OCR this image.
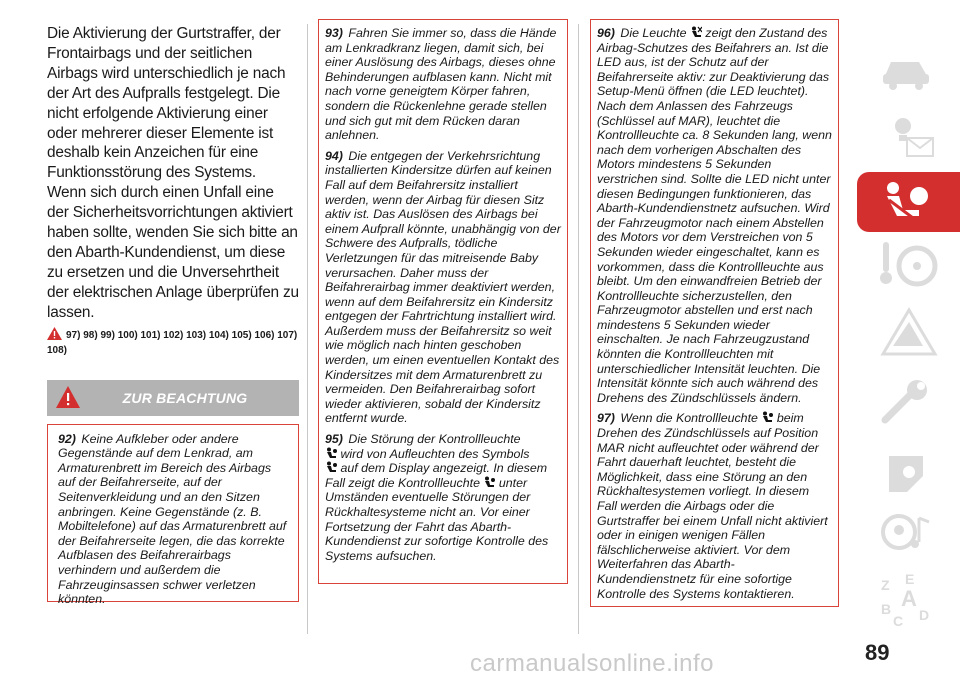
Die Aktivierung der Gurtstraffer, der Frontairbags und der seitlichen Airbags wird unterschiedlich je nach der Art des Aufpralls festgelegt. Die nicht erfolgende Aktivierung einer oder mehrerer dieser Elemente ist deshalb kein Anzeichen für eine Funktionsstörung des Systems. Wenn sich durch einen Unfall eine der Sicherheitsvorrichtungen aktiviert haben sollte, wenden Sie sich bitte an den Abarth-Kundendienst, um diese zu ersetzen und die Unversehrtheit der elektrischen Anlage überprüfen zu lassen.

97) 98) 99) 100) 101) 102) 103) 104) 105) 106) 107)
108)
ZUR BEACHTUNG

92) Keine Aufkleber oder andere Gegenstände auf dem Lenkrad, am Armaturenbrett im Bereich des Airbags auf der Beifahrerseite, auf der Seitenverkleidung und an den Sitzen anbringen. Keine Gegenstände (z. B. Mobiltelefone) auf das Armaturenbrett auf der Beifahrerseite legen, die das korrekte Aufblasen des Beifahrerairbags verhindern und außerdem die Fahrzeuginsassen schwer verletzen könnten.

93) Fahren Sie immer so, dass die Hände am Lenkradkranz liegen, damit sich, bei einer Auslösung des Airbags, dieses ohne Behinderungen aufblasen kann. Nicht mit nach vorne geneigtem Körper fahren, sondern die Rückenlehne gerade stellen und sich gut mit dem Rücken daran anlehnen.

94) Die entgegen der Verkehrsrichtung installierten Kindersitze dürfen auf keinen Fall auf dem Beifahrersitz installiert werden, wenn der Airbag für diesen Sitz aktiv ist. Das Auslösen des Airbags bei einem Aufprall könnte, unabhängig von der Schwere des Aufpralls, tödliche Verletzungen für das mitreisende Baby verursachen. Daher muss der Beifahrerairbag immer deaktiviert werden, wenn auf dem Beifahrersitz ein Kindersitz entgegen der Fahrtrichtung installiert wird. Außerdem muss der Beifahrersitz so weit wie möglich nach hinten geschoben werden, um einen eventuellen Kontakt des Kindersitzes mit dem Armaturenbrett zu vermeiden. Den Beifahrerairbag sofort wieder aktivieren, sobald der Kindersitz entfernt wurde.

95) Die Störung der Kontrollleuchte
wird von Aufleuchten des Symbols
auf dem Display angezeigt. In diesem Fall zeigt die Kontrollleuchte unter Umständen eventuelle Störungen der Rückhaltesysteme nicht an. Vor einer Fortsetzung der Fahrt das Abarth-Kundendienst zur sofortige Kontrolle des Systems aufsuchen.

96) Die Leuchte zeigt den Zustand des Airbag-Schutzes des Beifahrers an. Ist die LED aus, ist der Schutz auf der Beifahrerseite aktiv: zur Deaktivierung das Setup-Menü öffnen (die LED leuchtet). Nach dem Anlassen des Fahrzeugs (Schlüssel auf MAR), leuchtet die Kontrollleuchte ca. 8 Sekunden lang, wenn nach dem vorherigen Abschalten des Motors mindestens 5 Sekunden verstrichen sind. Sollte die LED nicht unter diesen Bedingungen funktionieren, das Abarth-Kundendienstnetz aufsuchen. Wird der Fahrzeugmotor nach einem Abstellen des Motors vor dem Verstreichen von 5 Sekunden wieder eingeschaltet, kann es vorkommen, dass die Kontrollleuchte aus bleibt. Um den einwandfreien Betrieb der Kontrollleuchte sicherzustellen, den Fahrzeugmotor abstellen und erst nach mindestens 5 Sekunden wieder einschalten. Je nach Fahrzeugzustand könnten die Kontrollleuchten mit unterschiedlicher Intensität leuchten. Die Intensität könnte sich auch während des Drehens des Zündschlüssels ändern.

97) Wenn die Kontrollleuchte beim Drehen des Zündschlüssels auf Position MAR nicht aufleuchtet oder während der Fahrt dauerhaft leuchtet, besteht die Möglichkeit, dass eine Störung an den Rückhaltesystemen vorliegt. In diesem Fall werden die Airbags oder die Gurtstraffer bei einem Unfall nicht aktiviert oder in einigen wenigen Fällen fälschlicherweise aktiviert. Vor dem Weiterfahren das Abarth-Kundendienstnetz für eine sofortige Kontrolle des Systems kontaktieren.

Z E
A
B
C D
89
carmanualsonline.info
